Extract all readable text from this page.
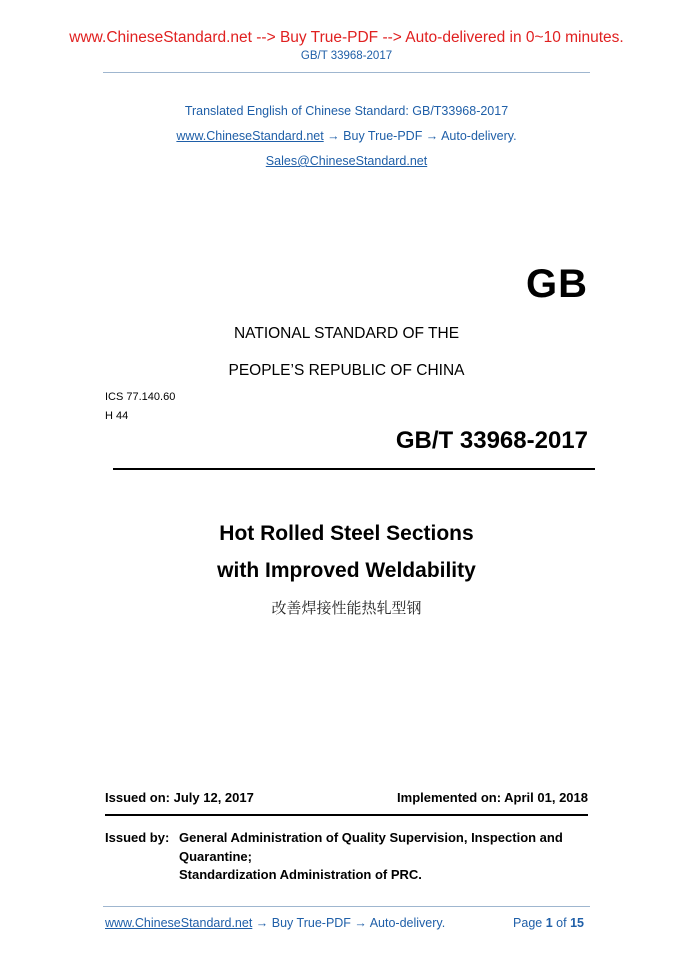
www.ChineseStandard.net --> Buy True-PDF --> Auto-delivered in 0~10 minutes.
GB/T 33968-2017
Translated English of Chinese Standard: GB/T33968-2017
www.ChineseStandard.net → Buy True-PDF → Auto-delivery.
Sales@ChineseStandard.net
GB
NATIONAL STANDARD OF THE
PEOPLE’S REPUBLIC OF CHINA
ICS 77.140.60
H 44
GB/T 33968-2017
Hot Rolled Steel Sections
with Improved Weldability
改善焊接性能热轧型钢
Issued on: July 12, 2017	Implemented on: April 01, 2018
Issued by: General Administration of Quality Supervision, Inspection and
Quarantine;
Standardization Administration of PRC.
www.ChineseStandard.net → Buy True-PDF → Auto-delivery.	Page 1 of 15
